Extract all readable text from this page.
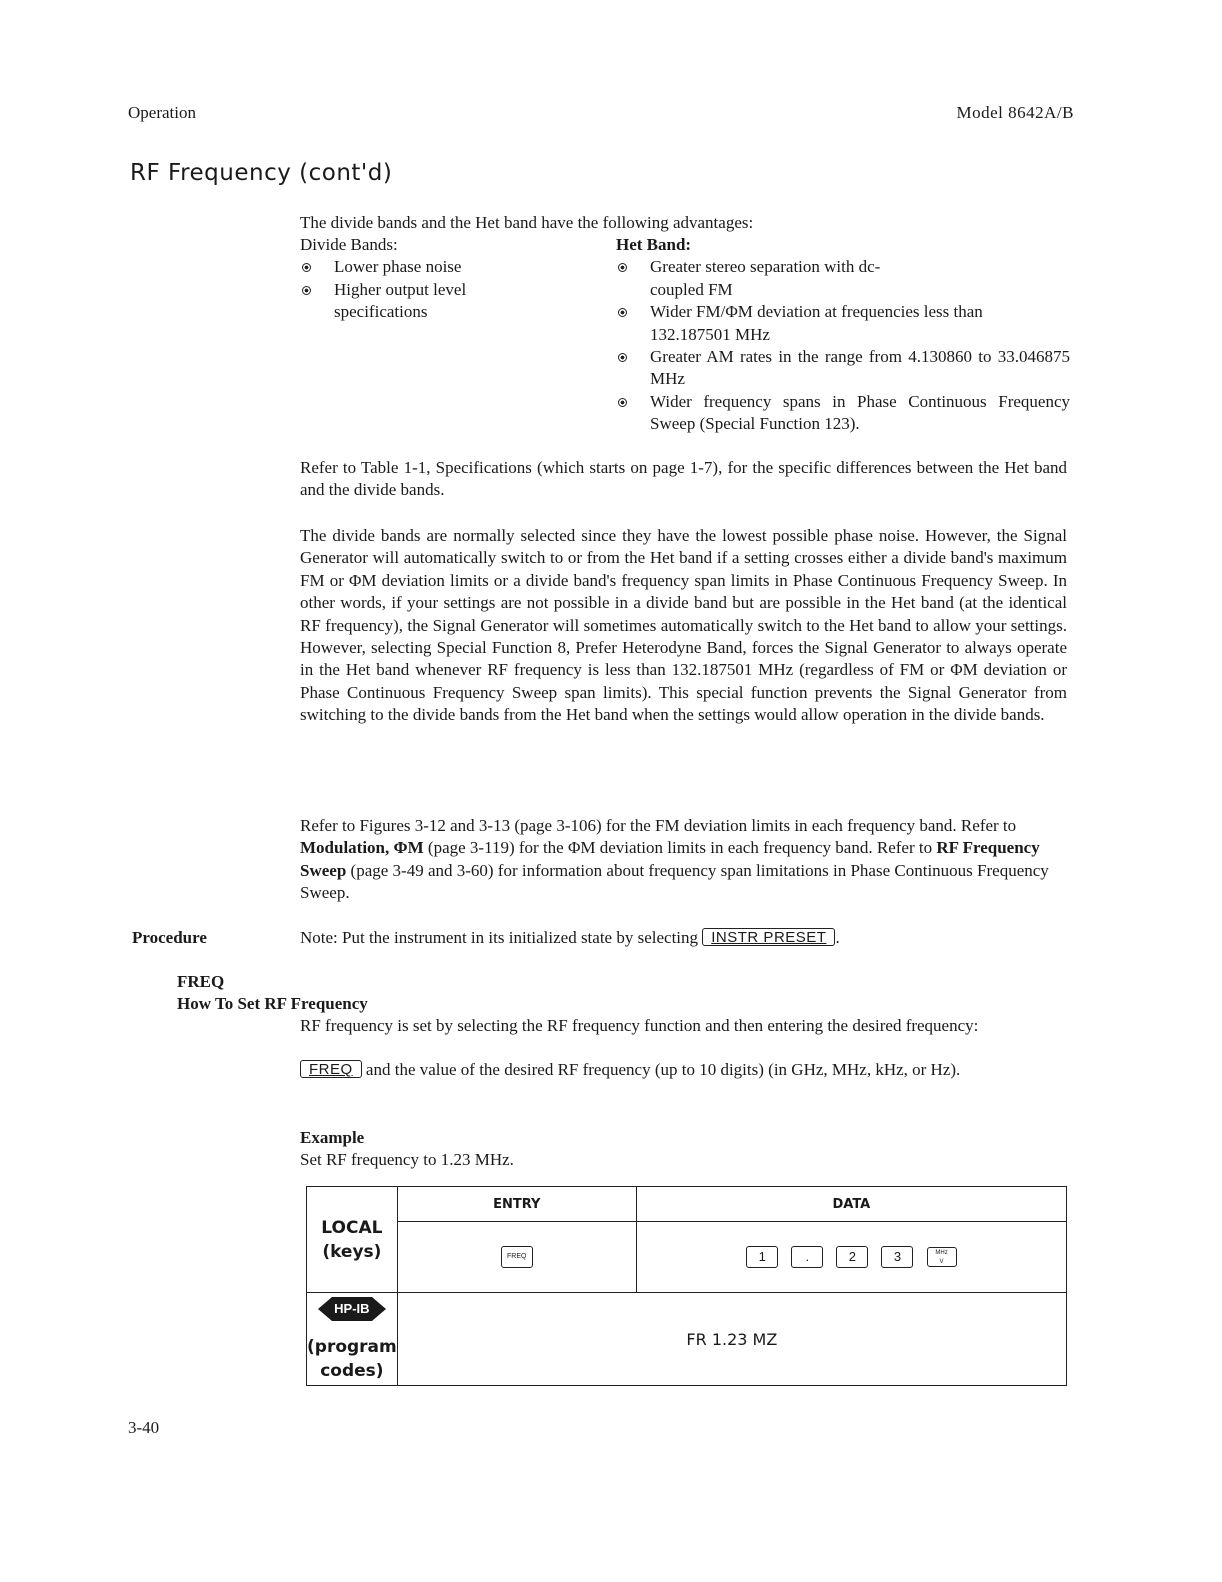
Operation	Model 8642A/B
RF Frequency (cont'd)
The divide bands and the Het band have the following advantages:
Divide Bands:
Lower phase noise
Higher output level specifications
Het Band:
Greater stereo separation with dc-coupled FM
Wider FM/ΦM deviation at frequencies less than 132.187501 MHz
Greater AM rates in the range from 4.130860 to 33.046875 MHz
Wider frequency spans in Phase Continuous Frequency Sweep (Special Function 123).
Refer to Table 1-1, Specifications (which starts on page 1-7), for the specific differences between the Het band and the divide bands.
The divide bands are normally selected since they have the lowest possible phase noise. However, the Signal Generator will automatically switch to or from the Het band if a setting crosses either a divide band's maximum FM or ΦM deviation limits or a divide band's frequency span limits in Phase Continuous Frequency Sweep. In other words, if your settings are not possible in a divide band but are possible in the Het band (at the identical RF frequency), the Signal Generator will sometimes automatically switch to the Het band to allow your settings. However, selecting Special Function 8, Prefer Heterodyne Band, forces the Signal Generator to always operate in the Het band whenever RF frequency is less than 132.187501 MHz (regardless of FM or ΦM deviation or Phase Continuous Frequency Sweep span limits). This special function prevents the Signal Generator from switching to the divide bands from the Het band when the settings would allow operation in the divide bands.
Refer to Figures 3-12 and 3-13 (page 3-106) for the FM deviation limits in each frequency band. Refer to Modulation, ΦM (page 3-119) for the ΦM deviation limits in each frequency band. Refer to RF Frequency Sweep (page 3-49 and 3-60) for information about frequency span limitations in Phase Continuous Frequency Sweep.
Procedure	Note: Put the instrument in its initialized state by selecting INSTR PRESET .
FREQ
How To Set RF Frequency
RF frequency is set by selecting the RF frequency function and then entering the desired frequency:
FREQ and the value of the desired RF frequency (up to 10 digits) (in GHz, MHz, kHz, or Hz).
Example
Set RF frequency to 1.23 MHz.
LOCAL
(keys)	ENTRY	DATA
	FREQ	1 . 2 3 MHz
V

HP-IB
(program
codes)	FR 1.23 MZ	
3-40
